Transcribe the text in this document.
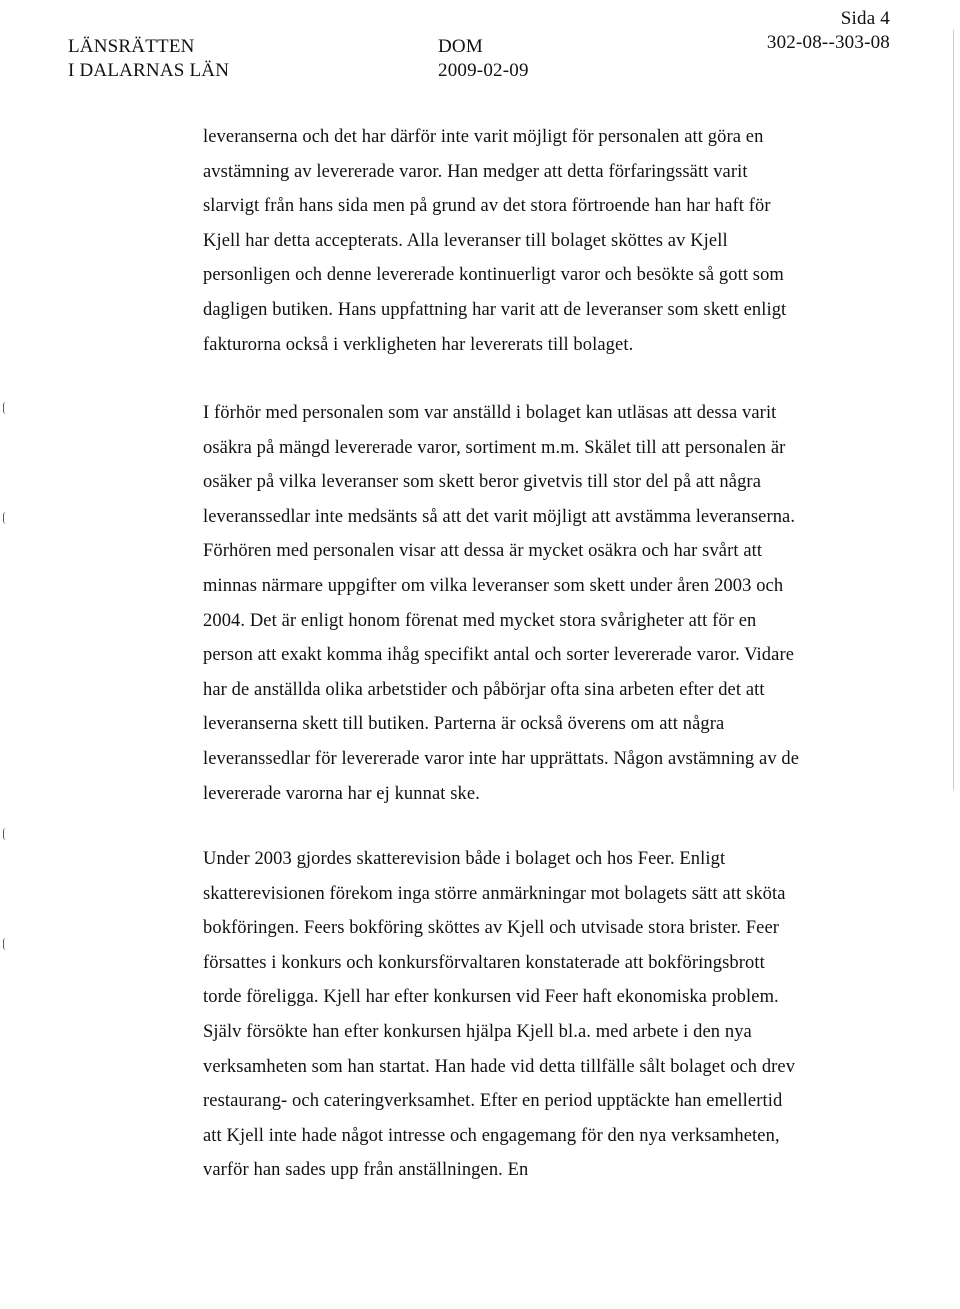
LÄNSRÄTTEN
I DALARNAS LÄN
DOM
2009-02-09
Sida 4
302-08--303-08
leveranserna och det har därför inte varit möjligt för personalen att göra en avstämning av levererade varor. Han medger att detta förfaringssätt varit slarvigt från hans sida men på grund av det stora förtroende han har haft för Kjell har detta accepterats. Alla leveranser till bolaget sköttes av Kjell personligen och denne levererade kontinuerligt varor och besökte så gott som dagligen butiken. Hans uppfattning har varit att de leveranser som skett enligt fakturorna också i verkligheten har levererats till bolaget.
I förhör med personalen som var anställd i bolaget kan utläsas att dessa varit osäkra på mängd levererade varor, sortiment m.m. Skälet till att personalen är osäker på vilka leveranser som skett beror givetvis till stor del på att några leveranssedlar inte medsänts så att det varit möjligt att avstämma leveranserna. Förhören med personalen visar att dessa är mycket osäkra och har svårt att minnas närmare uppgifter om vilka leveranser som skett under åren 2003 och 2004. Det är enligt honom förenat med mycket stora svårigheter att för en person att exakt komma ihåg specifikt antal och sorter levererade varor. Vidare har de anställda olika arbetstider och påbörjar ofta sina arbeten efter det att leveranserna skett till butiken. Parterna är också överens om att några leveranssedlar för levererade varor inte har upprättats. Någon avstämning av de levererade varorna har ej kunnat ske.
Under 2003 gjordes skatterevision både i bolaget och hos Feer. Enligt skatterevisionen förekom inga större anmärkningar mot bolagets sätt att sköta bokföringen. Feers bokföring sköttes av Kjell och utvisade stora brister. Feer försattes i konkurs och konkursförvaltaren konstaterade att bokföringsbrott torde föreligga. Kjell har efter konkursen vid Feer haft ekonomiska problem. Själv försökte han efter konkursen hjälpa Kjell bl.a. med arbete i den nya verksamheten som han startat. Han hade vid detta tillfälle sålt bolaget och drev restaurang- och cateringverksamhet. Efter en period upptäckte han emellertid att Kjell inte hade något intresse och engagemang för den nya verksamheten, varför han sades upp från anställningen. En
